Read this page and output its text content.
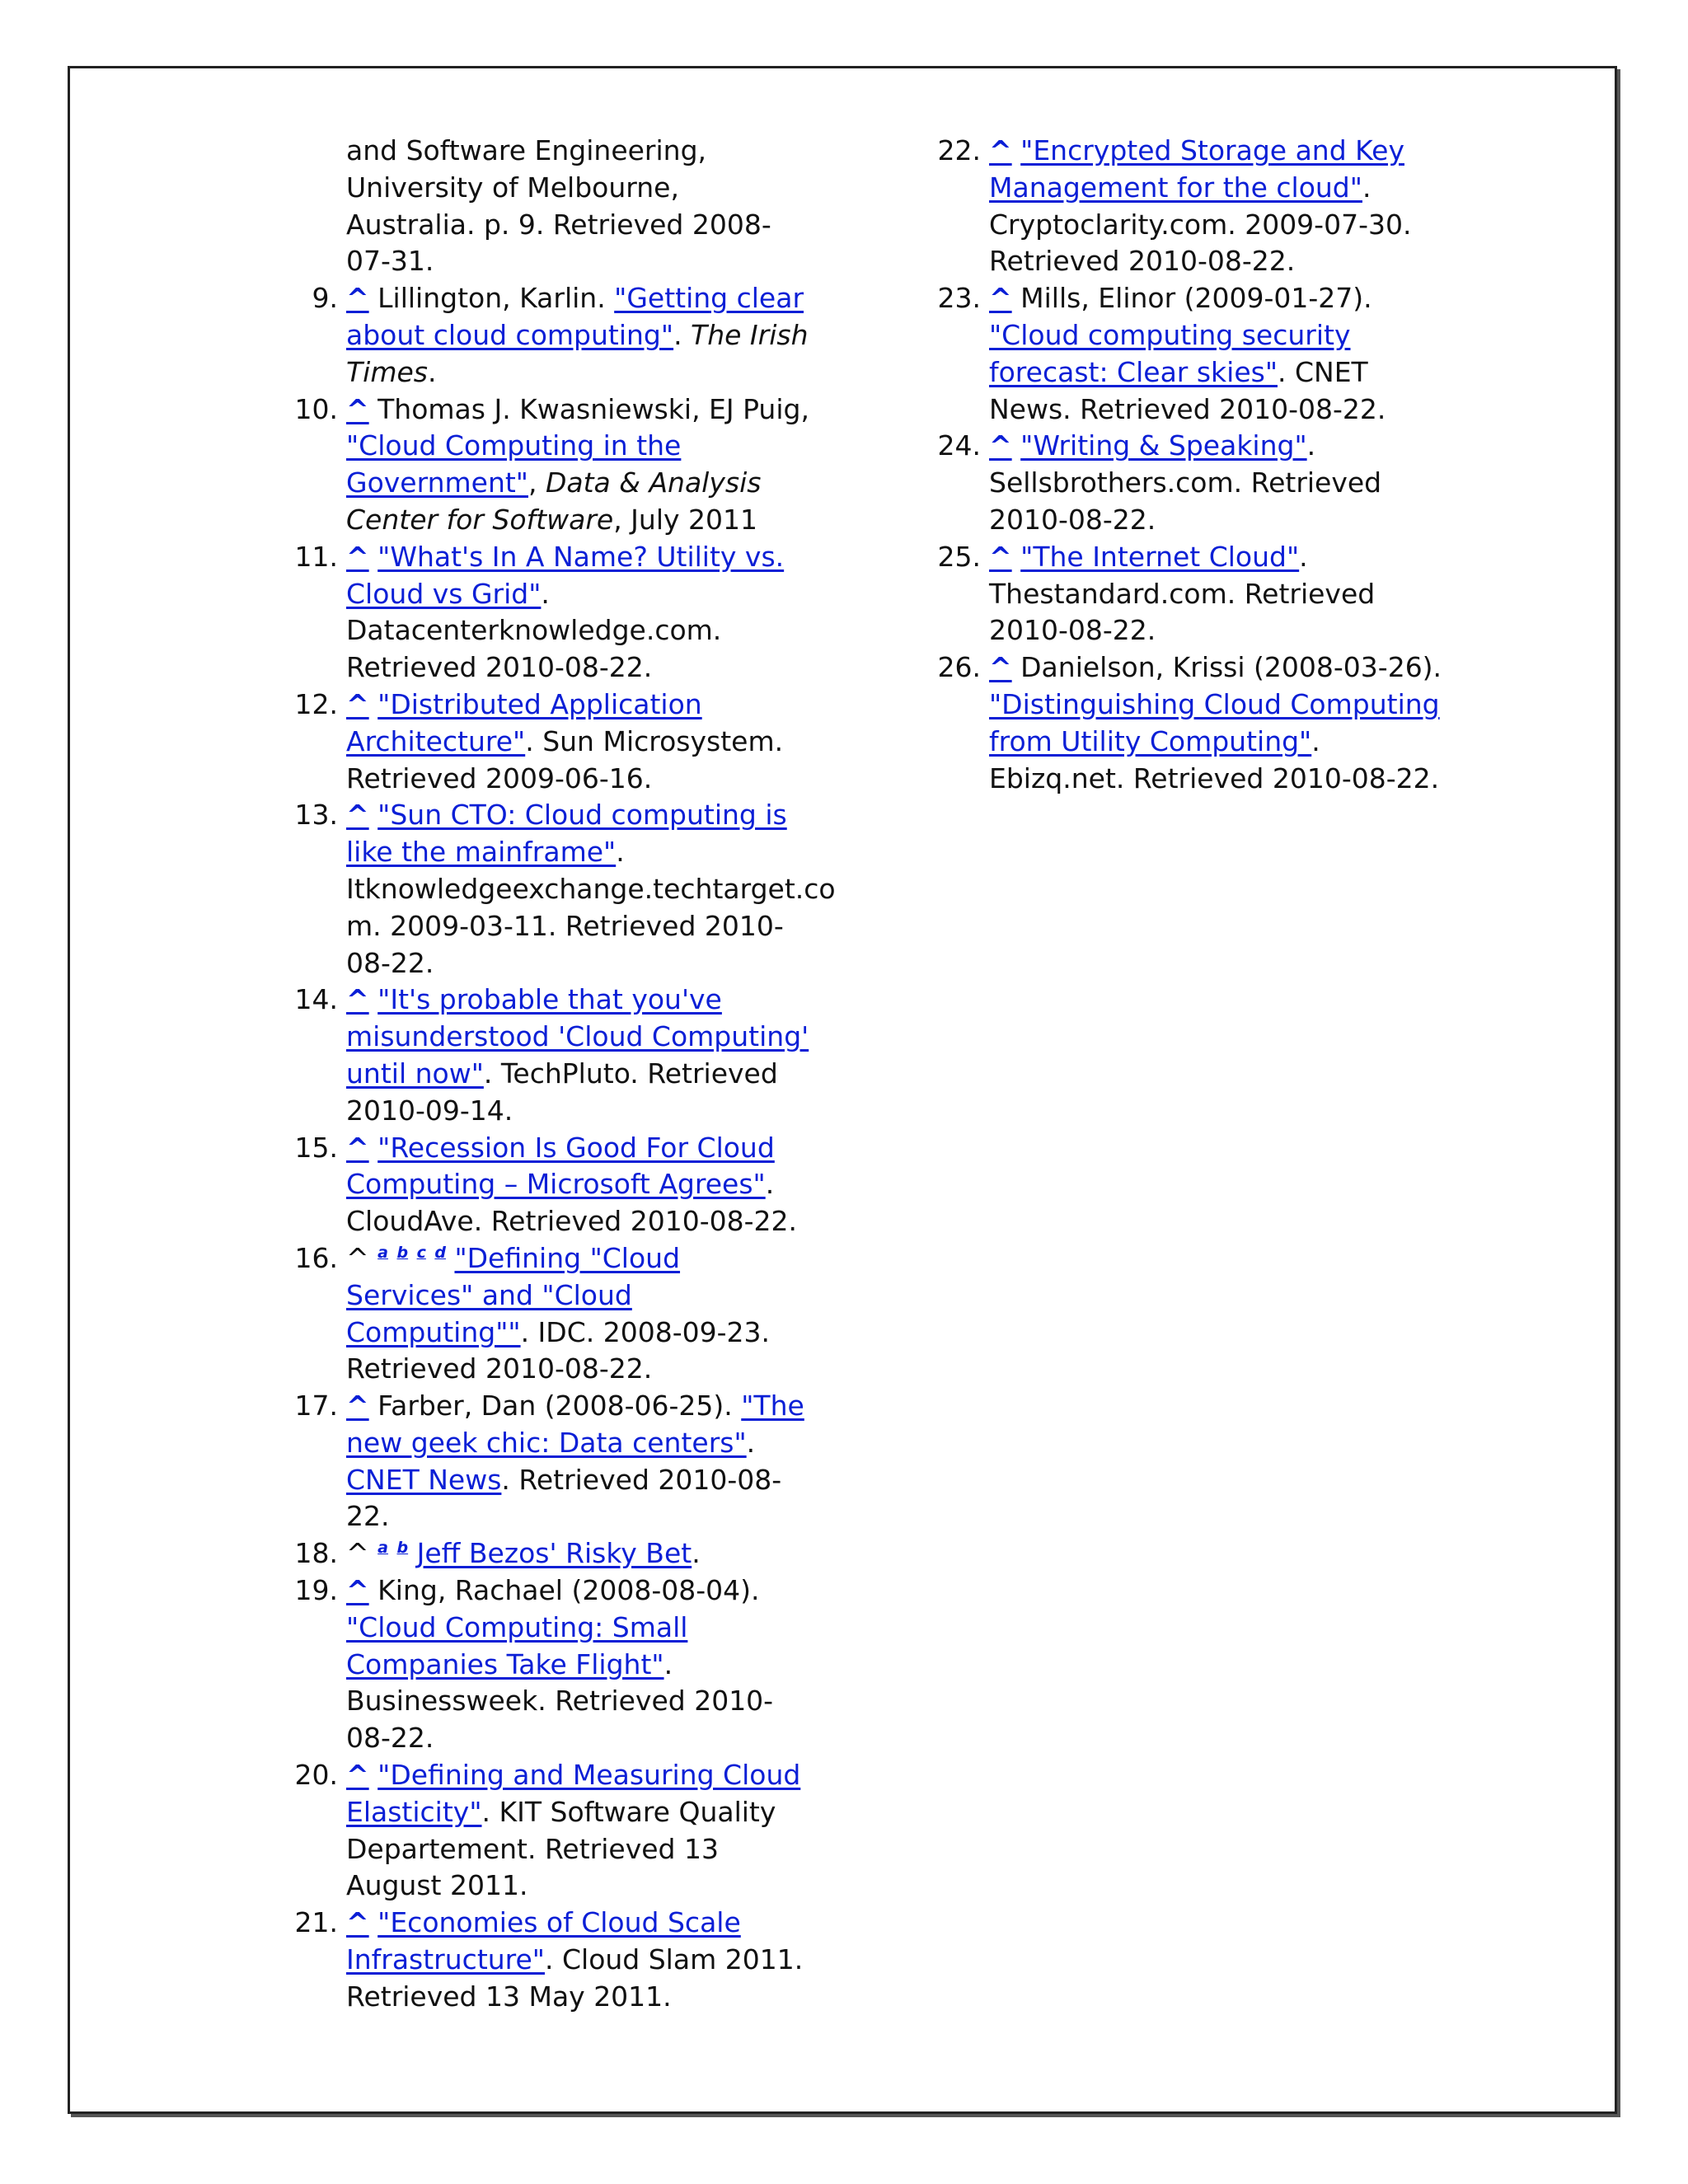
and Software Engineering, University of Melbourne, Australia. p. 9. Retrieved 2008-07-31.
9. ^ Lillington, Karlin. "Getting clear about cloud computing". The Irish Times.
10. ^ Thomas J. Kwasniewski, EJ Puig, "Cloud Computing in the Government", Data & Analysis Center for Software, July 2011
11. ^ "What's In A Name? Utility vs. Cloud vs Grid". Datacenterknowledge.com. Retrieved 2010-08-22.
12. ^ "Distributed Application Architecture". Sun Microsystem. Retrieved 2009-06-16.
13. ^ "Sun CTO: Cloud computing is like the mainframe". Itknowledgeexchange.techtarget.co m. 2009-03-11. Retrieved 2010-08-22.
14. ^ "It's probable that you've misunderstood 'Cloud Computing' until now". TechPluto. Retrieved 2010-09-14.
15. ^ "Recession Is Good For Cloud Computing – Microsoft Agrees". CloudAve. Retrieved 2010-08-22.
16. ^ $^a$ $^b$ $^c$ $^d$ "Defining "Cloud Services" and "Cloud Computing"". IDC. 2008-09-23. Retrieved 2010-08-22.
17. ^ Farber, Dan (2008-06-25). "The new geek chic: Data centers". CNET News. Retrieved 2010-08-22.
18. ^ $^a$ $^b$ Jeff Bezos' Risky Bet.
19. ^ King, Rachael (2008-08-04). "Cloud Computing: Small Companies Take Flight". Businessweek. Retrieved 2010-08-22.
20. ^ "Defining and Measuring Cloud Elasticity". KIT Software Quality Departement. Retrieved 13 August 2011.
21. ^ "Economies of Cloud Scale Infrastructure". Cloud Slam 2011. Retrieved 13 May 2011.
22. ^ "Encrypted Storage and Key Management for the cloud". Cryptoclarity.com. 2009-07-30. Retrieved 2010-08-22.
23. ^ Mills, Elinor (2009-01-27). "Cloud computing security forecast: Clear skies". CNET News. Retrieved 2010-08-22.
24. ^ "Writing & Speaking". Sellsbrothers.com. Retrieved 2010-08-22.
25. ^ "The Internet Cloud". Thestandard.com. Retrieved 2010-08-22.
26. ^ Danielson, Krissi (2008-03-26). "Distinguishing Cloud Computing from Utility Computing". Ebizq.net. Retrieved 2010-08-22.
